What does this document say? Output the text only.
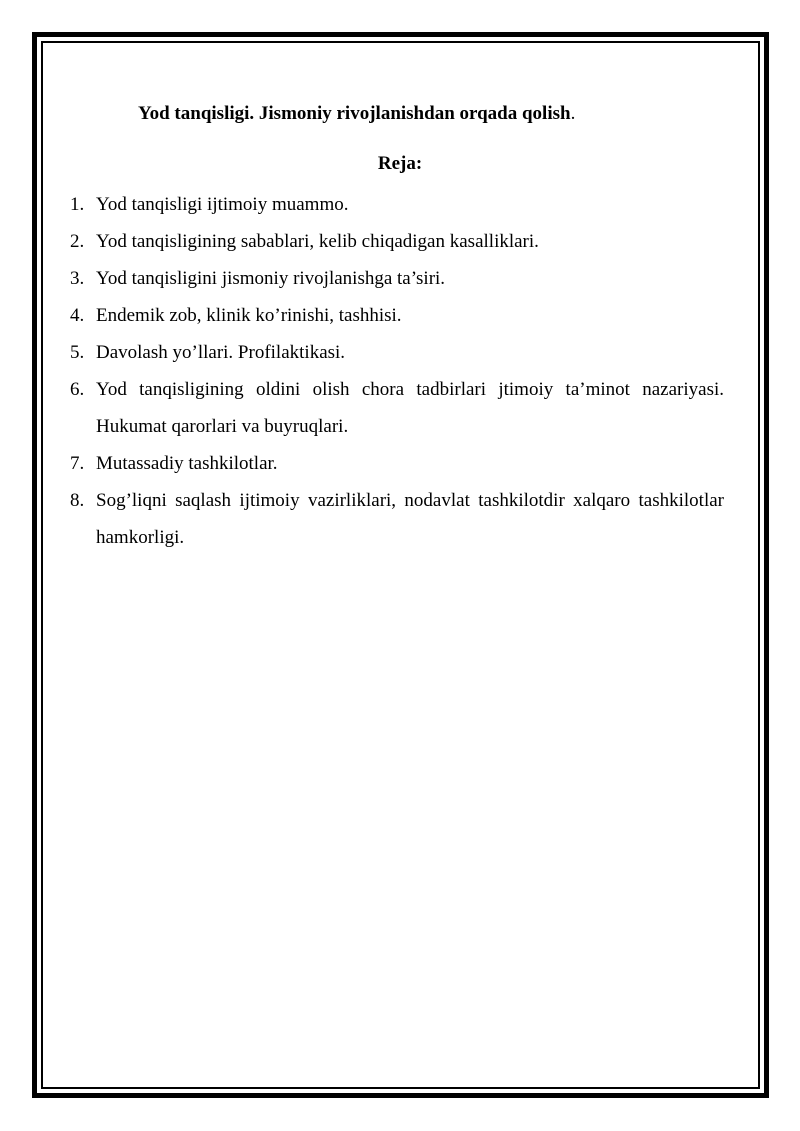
Yod tanqisligi. Jismoniy rivojlanishdan orqada qolish.
Reja:
1. Yod tanqisligi ijtimoiy muammo.
2. Yod tanqisligining sabablari, kelib chiqadigan kasalliklari.
3. Yod tanqisligini jismoniy rivojlanishga ta’siri.
4. Endemik zob, klinik ko’rinishi, tashhisi.
5. Davolash yo’llari. Profilaktikasi.
6. Yod tanqisligining oldini olish chora tadbirlari jtimoiy ta’minot nazariyasi. Hukumat qarorlari va buyruqlari.
7. Mutassadiy tashkilotlar.
8. Sog’liqni saqlash ijtimoiy vazirliklari, nodavlat tashkilotdir xalqaro tashkilotlar hamkorligi.
